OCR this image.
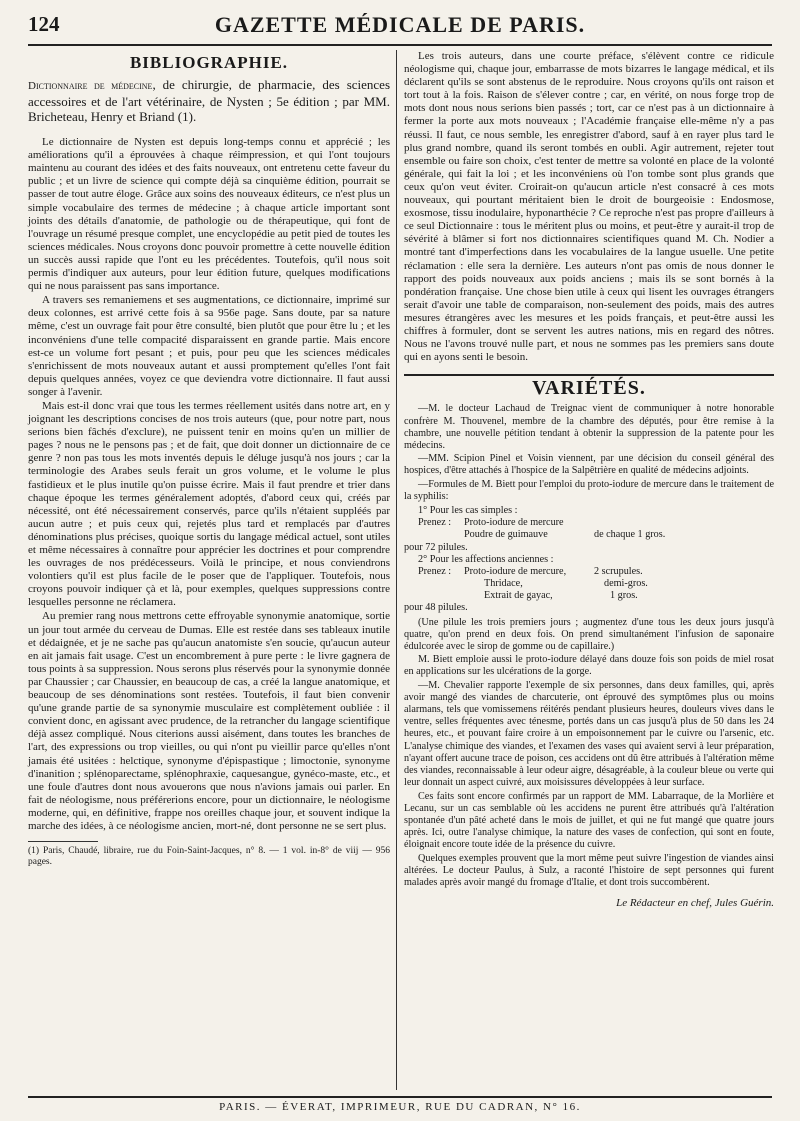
124	GAZETTE MÉDICALE DE PARIS.
BIBLIOGRAPHIE.

Dictionnaire de médecine, de chirurgie, de pharmacie, des sciences accessoires et de l'art vétérinaire, de Nysten ; 5e édition ; par MM. Bricheteau, Henry et Briand (1).

Le dictionnaire de Nysten est depuis long-temps connu et apprécié ; les améliorations qu'il a éprouvées à chaque réimpression, et qui l'ont toujours maintenu au courant des idées et des faits nouveaux, ont entretenu cette faveur du public ; et un livre de science qui compte déjà sa cinquième édition, pourrait se passer de tout autre éloge. Grâce aux soins des nouveaux éditeurs, ce n'est plus un simple vocabulaire des termes de médecine ; à chaque article important sont joints des détails d'anatomie, de pathologie ou de thérapeutique, qui font de l'ouvrage un résumé presque complet, une encyclopédie au petit pied de toutes les sciences médicales. Nous croyons donc pouvoir promettre à cette nouvelle édition un succès aussi rapide que l'ont eu les précédentes. Toutefois, qu'il nous soit permis d'indiquer aux auteurs, pour leur édition future, quelques modifications qui ne nous paraissent pas sans importance.

A travers ses remaniemens et ses augmentations, ce dictionnaire, imprimé sur deux colonnes, est arrivé cette fois à sa 956e page. Sans doute, par sa nature même, c'est un ouvrage fait pour être consulté, bien plutôt que pour être lu ; et les inconvéniens d'une telle compacité disparaissent en grande partie. Mais encore est-ce un volume fort pesant ; et puis, pour peu que les sciences médicales s'enrichissent de mots nouveaux autant et aussi promptement qu'elles l'ont fait depuis quelques années, voyez ce que deviendra votre dictionnaire. Il faut aussi songer à l'avenir.

Mais est-il donc vrai que tous les termes réellement usités dans notre art, en y joignant les descriptions concises de nos trois auteurs (que, pour notre part, nous serions bien fâchés d'exclure), ne puissent tenir en moins qu'en un millier de pages ? nous ne le pensons pas ; et de fait, que doit donner un dictionnaire de ce genre ? non pas tous les mots inventés depuis le déluge jusqu'à nos jours ; car la terminologie des Arabes seuls ferait un gros volume, et le volume le plus fastidieux et le plus inutile qu'on puisse écrire. Mais il faut prendre et trier dans chaque époque les termes généralement adoptés, d'abord ceux qui, créés par nécessité, ont été nécessairement conservés, parce qu'ils n'étaient suppléés par aucun autre ; et puis ceux qui, rejetés plus tard et remplacés par d'autres dénominations plus précises, quoique sortis du langage médical actuel, sont utiles et même nécessaires à connaître pour apprécier les doctrines et pour comprendre les ouvrages de nos prédécesseurs. Voilà le principe, et nous conviendrons volontiers qu'il est plus facile de le poser que de l'appliquer. Toutefois, nous croyons pouvoir indiquer çà et là, pour exemples, quelques suppressions contre lesquelles personne ne réclamera.

Au premier rang nous mettrons cette effroyable synonymie anatomique, sortie un jour tout armée du cerveau de Dumas. Elle est restée dans ses tableaux inutile et dédaignée, et je ne sache pas qu'aucun anatomiste s'en soucie, qu'aucun auteur en ait jamais fait usage. C'est un encombrement à pure perte : le livre gagnera de tous points à sa suppression. Nous serons plus réservés pour la synonymie donnée par Chaussier ; car Chaussier, en beaucoup de cas, a créé la langue anatomique, et beaucoup de ses dénominations sont restées. Toutefois, il faut bien convenir qu'une grande partie de sa synonymie musculaire est complètement oubliée : il convient donc, en agissant avec prudence, de la retrancher du langage scientifique déjà assez compliqué. Nous citerions aussi aisément, dans toutes les branches de l'art, des expressions ou trop vieilles, ou qui n'ont pu vieillir parce qu'elles n'ont jamais été usitées : helctique, synonyme d'épispastique ; limoctonie, synonyme d'inanition ; splénoparectame, splénophraxie, caquesangue, gynéco-maste, etc., et une foule d'autres dont nous avouerons que nous n'avions jamais oui parler. En fait de néologisme, nous préférerions encore, pour un dictionnaire, le néologisme moderne, qui, en définitive, frappe nos oreilles chaque jour, et souvent indique la marche des idées, à ce néologisme ancien, mort-né, dont personne ne se sert plus.

(1) Paris, Chaudé, libraire, rue du Foin-Saint-Jacques, n° 8. — 1 vol. in-8° de viij — 956 pages.

Les trois auteurs, dans une courte préface, s'élèvent contre ce ridicule néologisme qui, chaque jour, embarrasse de mots bizarres le langage médical, et ils déclarent qu'ils se sont abstenus de le reproduire. Nous croyons qu'ils ont raison et tort tout à la fois. Raison de s'élever contre ; car, en vérité, on nous forge trop de mots dont nous nous serions bien passés ; tort, car ce n'est pas à un dictionnaire à fermer la porte aux mots nouveaux ; l'Académie française elle-même n'y a pas réussi. Il faut, ce nous semble, les enregistrer d'abord, sauf à en rayer plus tard le plus grand nombre, quand ils seront tombés en oubli. Agir autrement, rejeter tout ensemble ou faire son choix, c'est tenter de mettre sa volonté en place de la volonté générale, qui fait la loi ; et les inconvéniens où l'on tombe sont plus grands que ceux qu'on veut éviter. Croirait-on qu'aucun article n'est consacré à ces mots nouveaux, qui pourtant méritaient bien le droit de bourgeoisie : Endosmose, exosmose, tissu inodulaire, hyponarthécie ? Ce reproche n'est pas propre d'ailleurs à ce seul Dictionnaire : tous le méritent plus ou moins, et peut-être y aurait-il trop de sévérité à blâmer si fort nos dictionnaires scientifiques quand M. Ch. Nodier a montré tant d'imperfections dans les vocabulaires de la langue usuelle. Une petite réclamation : elle sera la dernière. Les auteurs n'ont pas omis de nous donner le rapport des poids nouveaux aux poids anciens ; mais ils se sont bornés à la pondération française. Une chose bien utile à ceux qui lisent les ouvrages étrangers serait d'avoir une table de comparaison, non-seulement des poids, mais des autres mesures étrangères avec les mesures et les poids français, et peut-être aussi les chiffres à formuler, dont se servent les autres nations, mis en regard des nôtres. Nous ne l'avons trouvé nulle part, et nous ne sommes pas les premiers sans doute qui en ayons senti le besoin.

VARIÉTÉS.

—M. le docteur Lachaud de Treignac vient de communiquer à notre honorable confrère M. Thouvenel, membre de la chambre des députés, pour être remise à la chambre, une nouvelle pétition tendant à obtenir la suppression de la patente pour les médecins.

—MM. Scipion Pinel et Voisin viennent, par une décision du conseil général des hospices, d'être attachés à l'hospice de la Salpêtrière en qualité de médecins adjoints.

—Formules de M. Biett pour l'emploi du proto-iodure de mercure dans le traitement de la syphilis:

1° Pour les cas simples :
Prenez : Proto-iodure de mercure
Poudre de guimauve	de chaque 1 gros.
pour 72 pilules.
2° Pour les affections anciennes :
Prenez : Proto-iodure de mercure,	2 scrupules.
Thridace,	demi-gros.
Extrait de gayac,	1 gros.
pour 48 pilules.

(Une pilule les trois premiers jours ; augmentez d'une tous les deux jours jusqu'à quatre, qu'on prend en deux fois. On prend simultanément l'infusion de saponaire édulcorée avec le sirop de gomme ou de capillaire.)

M. Biett emploie aussi le proto-iodure délayé dans douze fois son poids de miel rosat en applications sur les ulcérations de la gorge.

—M. Chevalier rapporte l'exemple de six personnes, dans deux familles, qui, après avoir mangé des viandes de charcuterie, ont éprouvé des symptômes plus ou moins alarmans, tels que vomissemens réitérés pendant plusieurs heures, douleurs vives dans le ventre, selles fréquentes avec ténesme, portés dans un cas jusqu'à plus de 50 dans les 24 heures, etc., et pouvant faire croire à un empoisonnement par le cuivre ou l'arsenic, etc. L'analyse chimique des viandes, et l'examen des vases qui avaient servi à leur préparation, n'ayant offert aucune trace de poison, ces accidens ont dû être attribués à l'altération même des viandes, reconnaissable à leur odeur aigre, désagréable, à la couleur bleue ou verte qui leur donnait un aspect cuivré, aux moisissures développées à leur surface.

Ces faits sont encore confirmés par un rapport de MM. Labarraque, de la Morlière et Lecanu, sur un cas semblable où les accidens ne purent être attribués qu'à l'altération spontanée d'un pâté acheté dans le mois de juillet, et qui ne fut mangé que quatre jours après. Ici, outre l'analyse chimique, la nature des vases de confection, qui sont en foute, éloignait encore toute idée de la présence du cuivre.

Quelques exemples prouvent que la mort même peut suivre l'ingestion de viandes ainsi altérées. Le docteur Paulus, à Sulz, a raconté l'histoire de sept personnes qui furent malades après avoir mangé du fromage d'Italie, et dont trois succombèrent.

Le Rédacteur en chef, Jules Guérin.

PARIS. — ÉVERAT, IMPRIMEUR, RUE DU CADRAN, N° 16.
